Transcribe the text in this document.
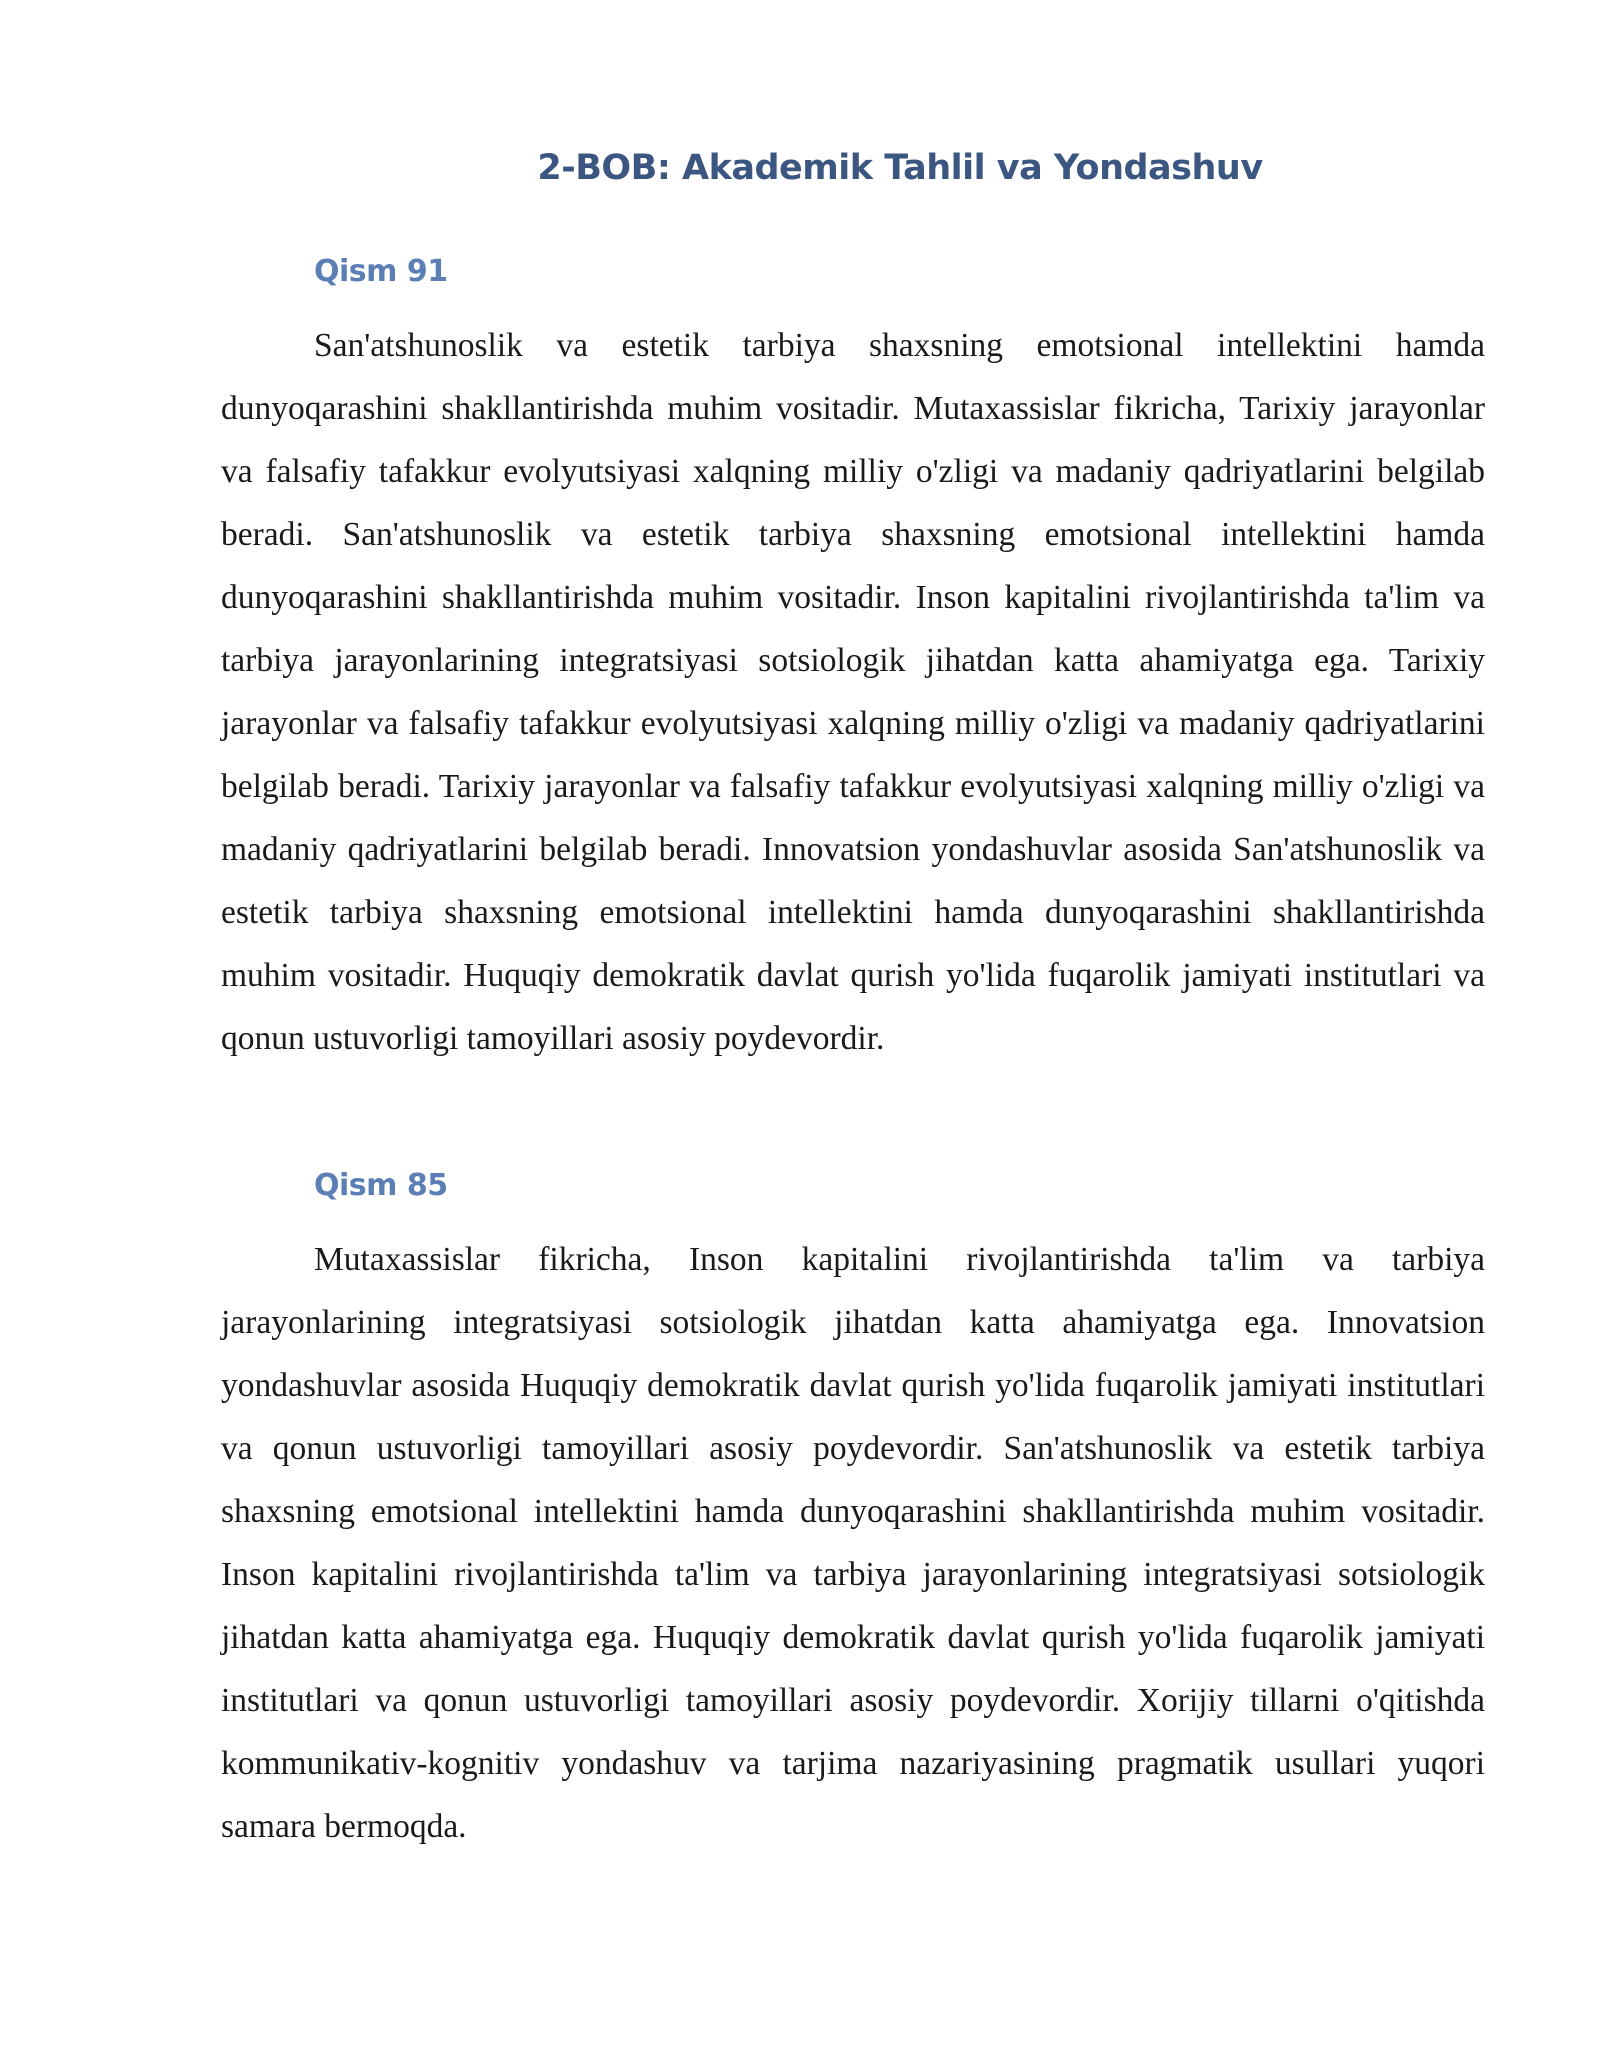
2-BOB: Akademik Tahlil va Yondashuv
Qism 91

San'atshunoslik va estetik tarbiya shaxsning emotsional intellektini hamda dunyoqarashini shakllantirishda muhim vositadir. Mutaxassislar fikricha, Tarixiy jarayonlar va falsafiy tafakkur evolyutsiyasi xalqning milliy o'zligi va madaniy qadriyatlarini belgilab beradi. San'atshunoslik va estetik tarbiya shaxsning emotsional intellektini hamda dunyoqarashini shakllantirishda muhim vositadir. Inson kapitalini rivojlantirishda ta'lim va tarbiya jarayonlarining integratsiyasi sotsiologik jihatdan katta ahamiyatga ega. Tarixiy jarayonlar va falsafiy tafakkur evolyutsiyasi xalqning milliy o'zligi va madaniy qadriyatlarini belgilab beradi. Tarixiy jarayonlar va falsafiy tafakkur evolyutsiyasi xalqning milliy o'zligi va madaniy qadriyatlarini belgilab beradi. Innovatsion yondashuvlar asosida San'atshunoslik va estetik tarbiya shaxsning emotsional intellektini hamda dunyoqarashini shakllantirishda muhim vositadir. Huquqiy demokratik davlat qurish yo'lida fuqarolik jamiyati institutlari va qonun ustuvorligi tamoyillari asosiy poydevordir.

Qism 85

Mutaxassislar fikricha, Inson kapitalini rivojlantirishda ta'lim va tarbiya jarayonlarining integratsiyasi sotsiologik jihatdan katta ahamiyatga ega. Innovatsion yondashuvlar asosida Huquqiy demokratik davlat qurish yo'lida fuqarolik jamiyati institutlari va qonun ustuvorligi tamoyillari asosiy poydevordir. San'atshunoslik va estetik tarbiya shaxsning emotsional intellektini hamda dunyoqarashini shakllantirishda muhim vositadir. Inson kapitalini rivojlantirishda ta'lim va tarbiya jarayonlarining integratsiyasi sotsiologik jihatdan katta ahamiyatga ega. Huquqiy demokratik davlat qurish yo'lida fuqarolik jamiyati institutlari va qonun ustuvorligi tamoyillari asosiy poydevordir. Xorijiy tillarni o'qitishda kommunikativ-kognitiv yondashuv va tarjima nazariyasining pragmatik usullari yuqori samara bermoqda.
